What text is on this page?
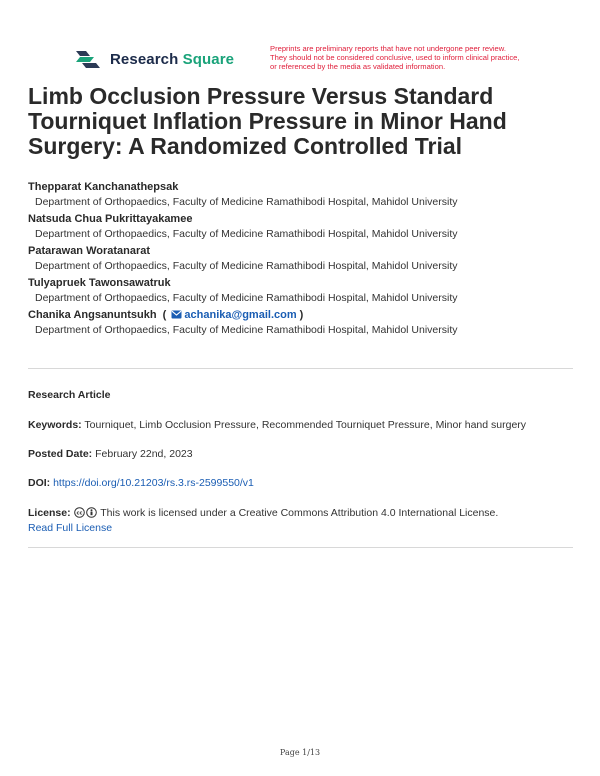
Research Square
Preprints are preliminary reports that have not undergone peer review.
They should not be considered conclusive, used to inform clinical practice,
or referenced by the media as validated information.
Limb Occlusion Pressure Versus Standard Tourniquet Inflation Pressure in Minor Hand Surgery: A Randomized Controlled Trial
Thepparat Kanchanathepsak
Department of Orthopaedics, Faculty of Medicine Ramathibodi Hospital, Mahidol University
Natsuda Chua Pukrittayakamee
Department of Orthopaedics, Faculty of Medicine Ramathibodi Hospital, Mahidol University
Patarawan Woratanarat
Department of Orthopaedics, Faculty of Medicine Ramathibodi Hospital, Mahidol University
Tulyapruek Tawonsawatruk
Department of Orthopaedics, Faculty of Medicine Ramathibodi Hospital, Mahidol University
Chanika Angsanuntsukh  ( achanika@gmail.com )
Department of Orthopaedics, Faculty of Medicine Ramathibodi Hospital, Mahidol University
Research Article
Keywords: Tourniquet, Limb Occlusion Pressure, Recommended Tourniquet Pressure, Minor hand surgery
Posted Date: February 22nd, 2023
DOI: https://doi.org/10.21203/rs.3.rs-2599550/v1
License: cc This work is licensed under a Creative Commons Attribution 4.0 International License.
Read Full License
Page 1/13
